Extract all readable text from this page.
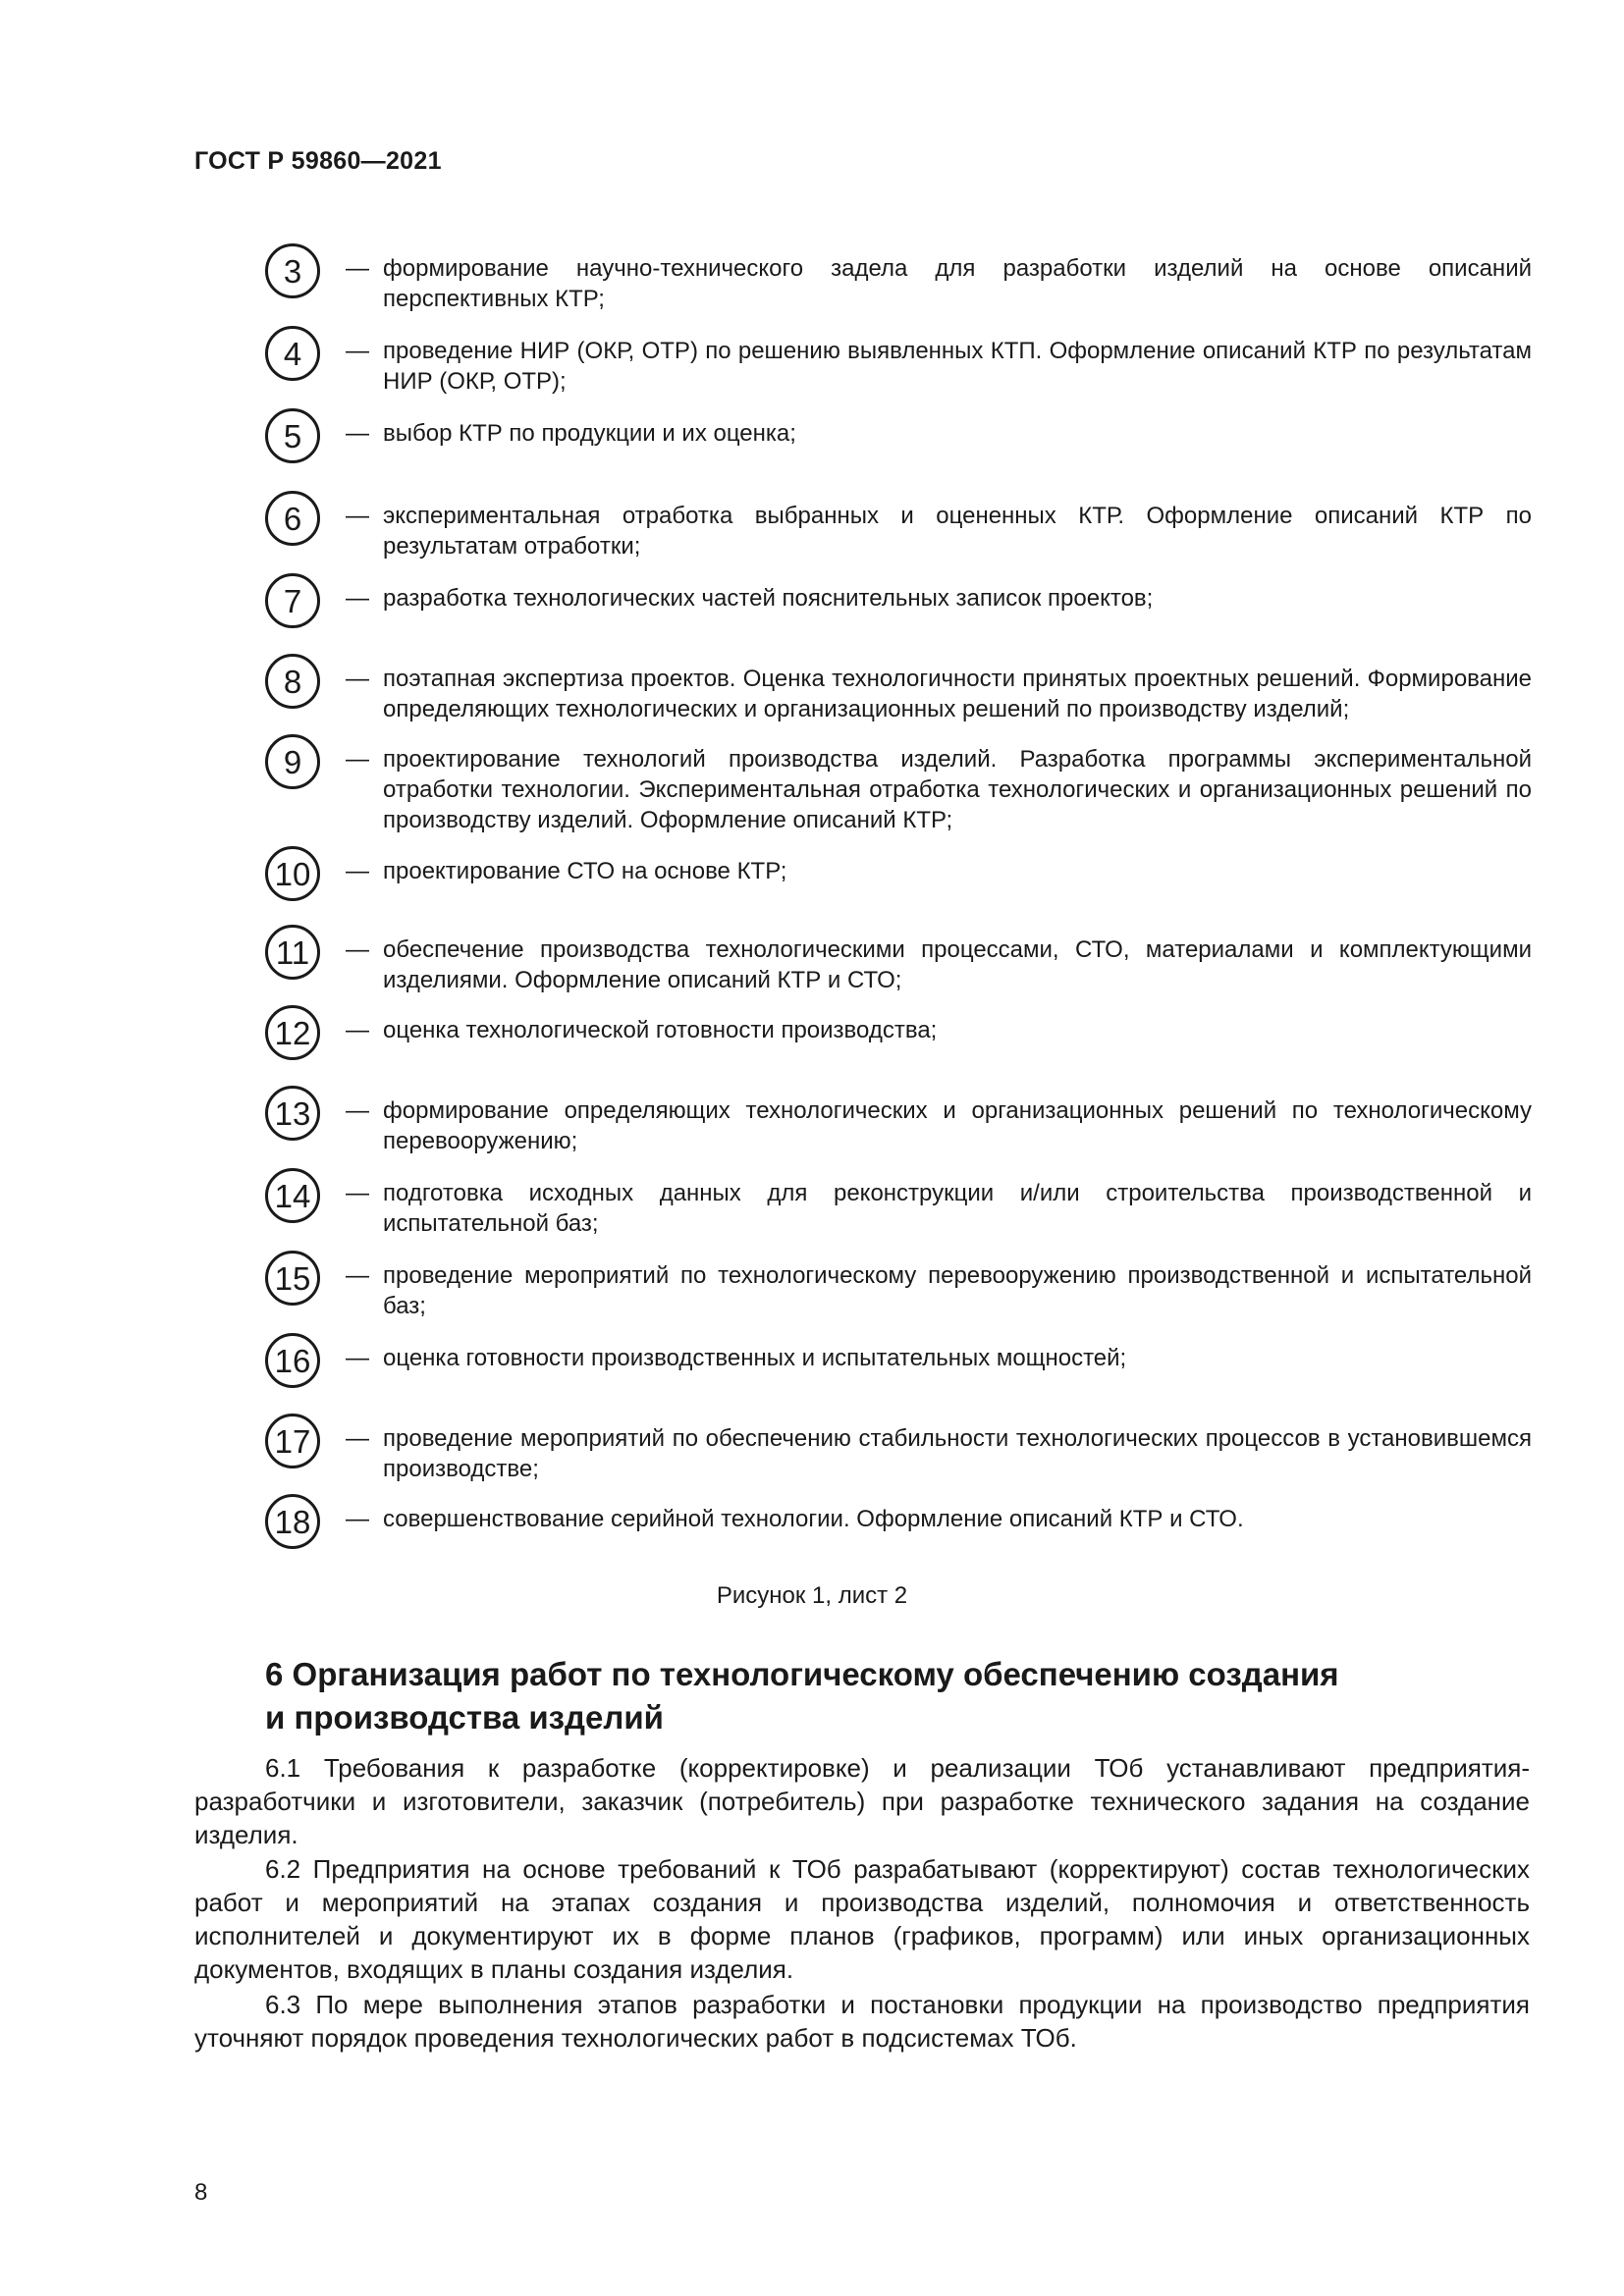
ГОСТ Р 59860—2021
3	— формирование научно-технического задела для разработки изделий на основе описаний перспективных КТР;
4	— проведение НИР (ОКР, ОТР) по решению выявленных КТП. Оформление описаний КТР по результатам НИР (ОКР, ОТР);
5	— выбор КТР по продукции и их оценка;
6	— экспериментальная отработка выбранных и оцененных КТР. Оформление описаний КТР по результатам отработки;
7	— разработка технологических частей пояснительных записок проектов;
8	— поэтапная экспертиза проектов. Оценка технологичности принятых проектных решений. Формирование определяющих технологических и организационных решений по производству изделий;
9	— проектирование технологий производства изделий. Разработка программы экспериментальной отработки технологии. Экспериментальная отработка технологических и организационных решений по производству изделий. Оформление описаний КТР;
10	— проектирование СТО на основе КТР;
11	— обеспечение производства технологическими процессами, СТО, материалами и комплектующими изделиями. Оформление описаний КТР и СТО;
12	— оценка технологической готовности производства;
13	— формирование определяющих технологических и организационных решений по технологическому перевооружению;
14	— подготовка исходных данных для реконструкции и/или строительства производственной и испытательной баз;
15	— проведение мероприятий по технологическому перевооружению производственной и испытательной баз;
16	— оценка готовности производственных и испытательных мощностей;
17	— проведение мероприятий по обеспечению стабильности технологических процессов в установившемся производстве;
18	— совершенствование серийной технологии. Оформление описаний КТР и СТО.
Рисунок 1, лист 2
6 Организация работ по технологическому обеспечению создания
и производства изделий
6.1 Требования к разработке (корректировке) и реализации ТОб устанавливают предприятия-разработчики и изготовители, заказчик (потребитель) при разработке технического задания на создание изделия.
6.2 Предприятия на основе требований к ТОб разрабатывают (корректируют) состав технологических работ и мероприятий на этапах создания и производства изделий, полномочия и ответственность исполнителей и документируют их в форме планов (графиков, программ) или иных организационных документов, входящих в планы создания изделия.
6.3 По мере выполнения этапов разработки и постановки продукции на производство предприятия уточняют порядок проведения технологических работ в подсистемах ТОб.
8
